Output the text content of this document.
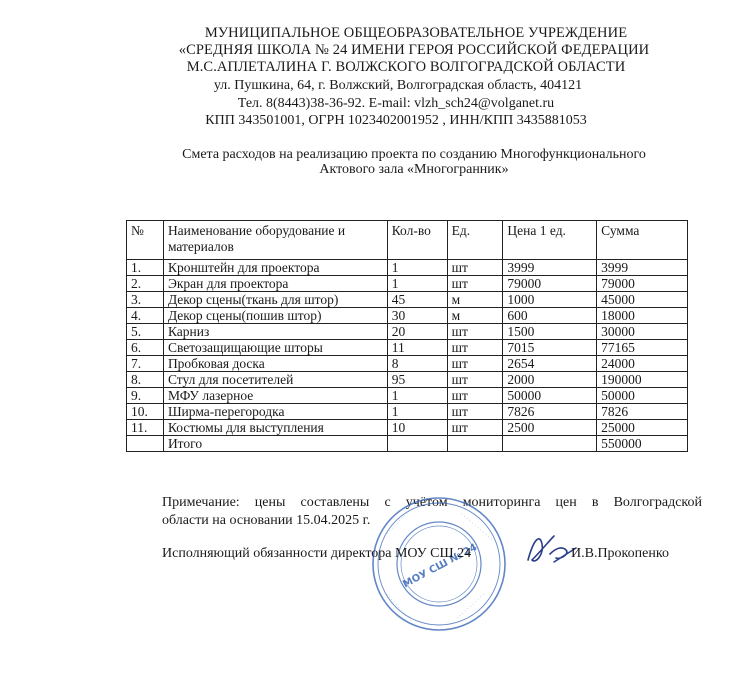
МУНИЦИПАЛЬНОЕ ОБЩЕОБРАЗОВАТЕЛЬНОЕ УЧРЕЖДЕНИЕ
«СРЕДНЯЯ ШКОЛА № 24 ИМЕНИ ГЕРОЯ РОССИЙСКОЙ ФЕДЕРАЦИИ
М.С.АПЛЕТАЛИНА Г. ВОЛЖСКОГО ВОЛГОГРАДСКОЙ ОБЛАСТИ
ул. Пушкина, 64, г. Волжский, Волгоградская область, 404121
Тел. 8(8443)38-36-92. E-mail: vlzh_sch24@volganet.ru
КПП 343501001, ОГРН 1023402001952 , ИНН/КПП 3435881053
Смета расходов на реализацию проекта по созданию Многофункционального
Актового зала «Многогранник»
№	Наименование оборудование и материалов	Кол-во	Ед.	Цена 1 ед.	Сумма
1.	Кронштейн для проектора	1	шт	3999	3999
2.	Экран для проектора	1	шт	79000	79000
3.	Декор сцены(ткань для штор)	45	м	1000	45000
4.	Декор сцены(пошив штор)	30	м	600	18000
5.	Карниз	20	шт	1500	30000
6.	Светозащищающие шторы	11	шт	7015	77165
7.	Пробковая доска	8	шт	2654	24000
8.	Стул для посетителей	95	шт	2000	190000
9.	МФУ лазерное	1	шт	50000	50000
10.	Ширма-перегородка	1	шт	7826	7826
11.	Костюмы для выступления	10	шт	2500	25000
	Итого				550000
Примечание: цены составлены с учётом мониторинга цен в Волгоградской
области на основании 15.04.2025 г.	· · · · · · · · · · · ·	· · · · · · · · · · · ·
· · · · · · · · · · ·	· · · · · · · · · · ·
МОУ СШ № 24
Исполняющий обязанности директора МОУ СШ 24	И.В.Прокопенко
